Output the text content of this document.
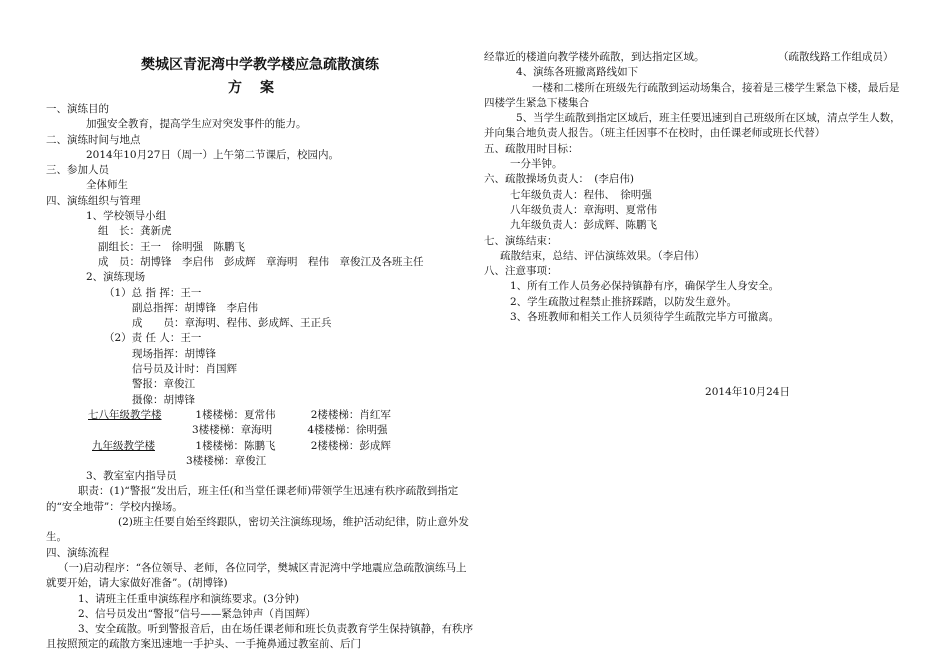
樊城区青泥湾中学教学楼应急疏散演练
方案
一、演练目的
加强安全教育，提高学生应对突发事件的能力。
二、演练时间与地点
2014年10月27日（周一）上午第二节课后，校园内。
三、参加人员
全体师生
四、演练组织与管理
1、学校领导小组
组　长：龚新虎
副组长：王一　徐明强　陈鹏飞
成　员：胡博锋　李启伟　彭成辉　章海明　程伟　章俊江及各班主任
2、演练现场
（1）总 指 挥：王一
副总指挥：胡博锋　李启伟
成　　员：章海明、程伟、彭成辉、王正兵
（2）责 任 人：王一
现场指挥：胡博锋
信号员及计时：肖国辉
警报：章俊江
摄像：胡博锋
七八年级教学楼	1楼楼梯：夏常伟	2楼楼梯：肖红军
3楼楼梯：章海明	4楼楼梯：徐明强
九年级教学楼	1楼楼梯：陈鹏飞	2楼楼梯：彭成辉
3楼楼梯：章俊江
3、教室室内指导员
职责：(1)“警报”发出后，班主任(和当堂任课老师)带领学生迅速有秩序疏散到指定的“安全地带”：学校内操场。
(2)班主任要自始至终跟队，密切关注演练现场，维护活动纪律，防止意外发生。
四、演练流程
（一)启动程序：“各位领导、老师，各位同学，樊城区青泥湾中学地震应急疏散演练马上就要开始，请大家做好准备”。(胡博锋)
1、请班主任重申演练程序和演练要求。(3分钟)
2、信号员发出“警报”信号——紧急钟声（肖国辉）
3、安全疏散。听到警报音后，由在场任课老师和班长负责教育学生保持镇静，有秩序且按照预定的疏散方案迅速地一手护头、一手掩鼻通过教室前、后门
经靠近的楼道向教学楼外疏散，到达指定区域。　　　　　　　　（疏散线路工作组成员）
4、演练各班撤离路线如下
一楼和二楼所在班级先行疏散到运动场集合，接着是三楼学生紧急下楼，最后是四楼学生紧急下楼集合
5、当学生疏散到指定区域后，班主任要迅速到自己班级所在区域，清点学生人数，并向集合地负责人报告。（班主任因事不在校时，由任课老师或班长代替）
五、疏散用时目标：
一分半钟。
六、疏散操场负责人：　(李启伟)
七年级负责人：程伟、　徐明强
八年级负责人：章海明、夏常伟
九年级负责人：彭成辉、陈鹏飞
七、演练结束：
疏散结束，总结、评估演练效果。（李启伟）
八、注意事项：
1、所有工作人员务必保持镇静有序，确保学生人身安全。
2、学生疏散过程禁止推挤踩踏，以防发生意外。
3、各班教师和相关工作人员须待学生疏散完毕方可撤离。
2014年10月24日
